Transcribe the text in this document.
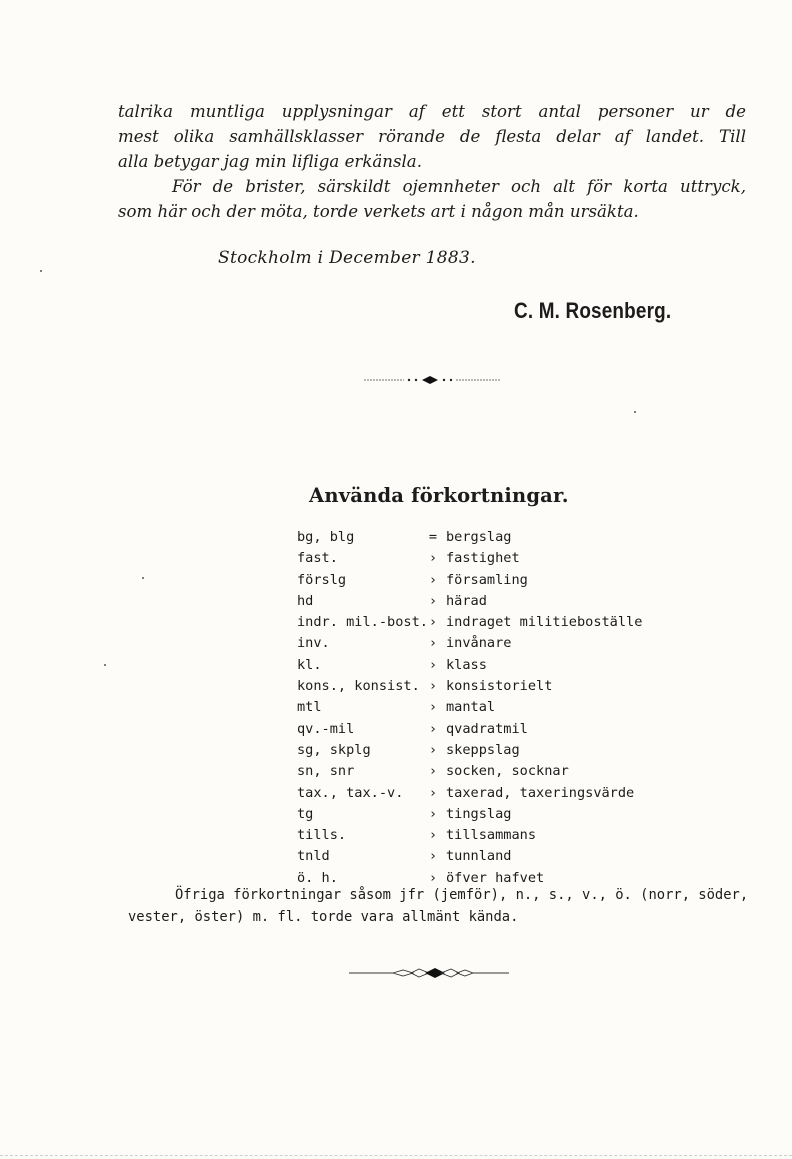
talrika muntliga upplysningar af ett stort antal personer ur de
mest olika samhällsklasser rörande de flesta delar af landet. Till
alla betygar jag min lifliga erkänsla.
För de brister, särskildt ojemnheter och alt för korta uttryck,
som här och der möta, torde verkets art i någon mån ursäkta.
Stockholm i December 1883.
C. M. Rosenberg.
Använda förkortningar.
bg, blg	= bergslag
fast.	› fastighet
förslg	› församling
hd	› härad
indr. mil.-bost. › indraget militieboställe
inv.	› invånare
kl.	› klass
kons., konsist. › konsistorielt
mtl	› mantal
qv.-mil	› qvadratmil
sg, skplg	› skeppslag
sn, snr	› socken, socknar
tax., tax.-v.	› taxerad, taxeringsvärde
tg	› tingslag
tills.	› tillsammans
tnld	› tunnland
ö. h.	› öfver hafvet
Öfriga förkortningar såsom jfr (jemför), n., s., v., ö. (norr, söder,
vester, öster) m. fl. torde vara allmänt kända.
